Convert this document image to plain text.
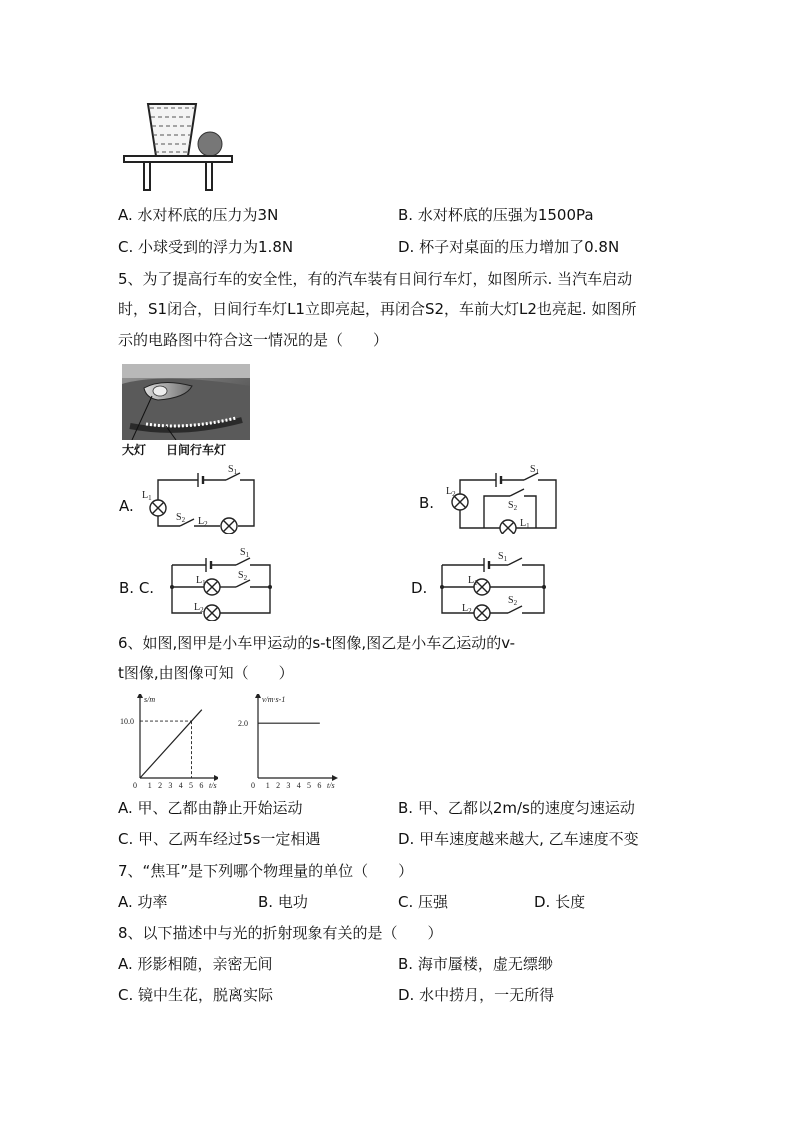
A. 水对杯底的压力为3N	B. 水对杯底的压强为1500Pa
C. 小球受到的浮力为1.8N	D. 杯子对桌面的压力增加了0.8N
5、为了提高行车的安全性，有的汽车装有日间行车灯，如图所示. 当汽车启动
时，S1闭合，日间行车灯L1立即亮起，再闭合S2，车前大灯L2也亮起. 如图所
示的电路图中符合这一情况的是（　　）
大灯 日间行车灯
A.	B.
B. C.	D.
$S_1$
$L_1$
$S_2$ $L_2$
$S_1$
$L_2$
$S_2$
$L_1$
$S_1$
$L_1$
$S_2$
$L_2$
$S_1$
$L_1$
$L_2$
$S_2$
6、如图,图甲是小车甲运动的s-t图像,图乙是小车乙运动的v-
t图像,由图像可知（　　）
s/m
t/s
0 1 2 3 4 5 6
10.0
v/m·s-1
t/s
0 1 2 3 4 5 6
2.0
A. 甲、乙都由静止开始运动	B. 甲、乙都以2m/s的速度匀速运动
C. 甲、乙两车经过5s一定相遇	D. 甲车速度越来越大, 乙车速度不变
7、“焦耳”是下列哪个物理量的单位（　　）
A. 功率	B. 电功	C. 压强	D. 长度
8、以下描述中与光的折射现象有关的是（　　）
A. 形影相随，亲密无间	B. 海市蜃楼，虚无缥缈
C. 镜中生花，脱离实际	D. 水中捞月，一无所得
